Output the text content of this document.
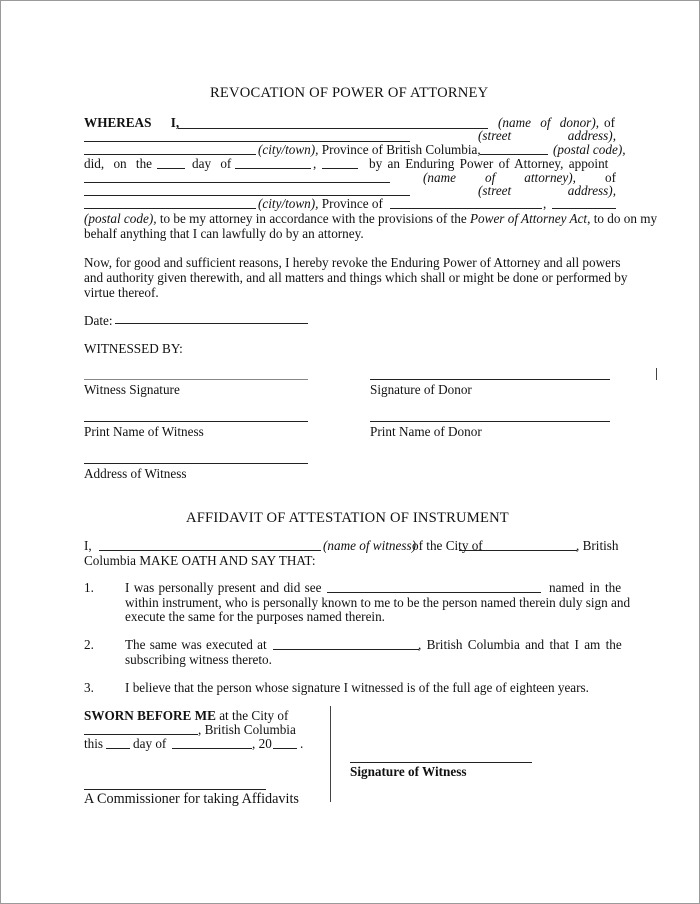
REVOCATION OF POWER OF ATTORNEY
WHEREAS I,	(name of donor), of
(street	address),
(city/town), Province of British Columbia,	(postal code),
did, on the	day of	,	by an Enduring Power of Attorney, appoint
(name of attorney), of
(street	address),
(city/town), Province of	,
(postal code), to be my attorney in accordance with the provisions of the Power of Attorney Act, to do on my
behalf anything that I can lawfully do by an attorney.
Now, for good and sufficient reasons, I hereby revoke the Enduring Power of Attorney and all powers
and authority given therewith, and all matters and things which shall or might be done or performed by
virtue thereof.
Date:
WITNESSED BY:
Witness Signature	Signature of Donor
Print Name of Witness	Print Name of Donor
Address of Witness
AFFIDAVIT OF ATTESTATION OF INSTRUMENT
I,	(name of witness)
of the City of	, British
Columbia MAKE OATH AND SAY THAT:
1. I was personally present and did see	named in the
within instrument, who is personally known to me to be the person named therein duly sign and
execute the same for the purposes named therein.
2. The same was executed at	, British Columbia and that I am the
subscribing witness thereto.
3. I believe that the person whose signature I witnessed is of the full age of eighteen years.
SWORN BEFORE ME at the City of
, British Columbia
this day of	, 20 .
Signature of Witness
A Commissioner for taking Affidavits
